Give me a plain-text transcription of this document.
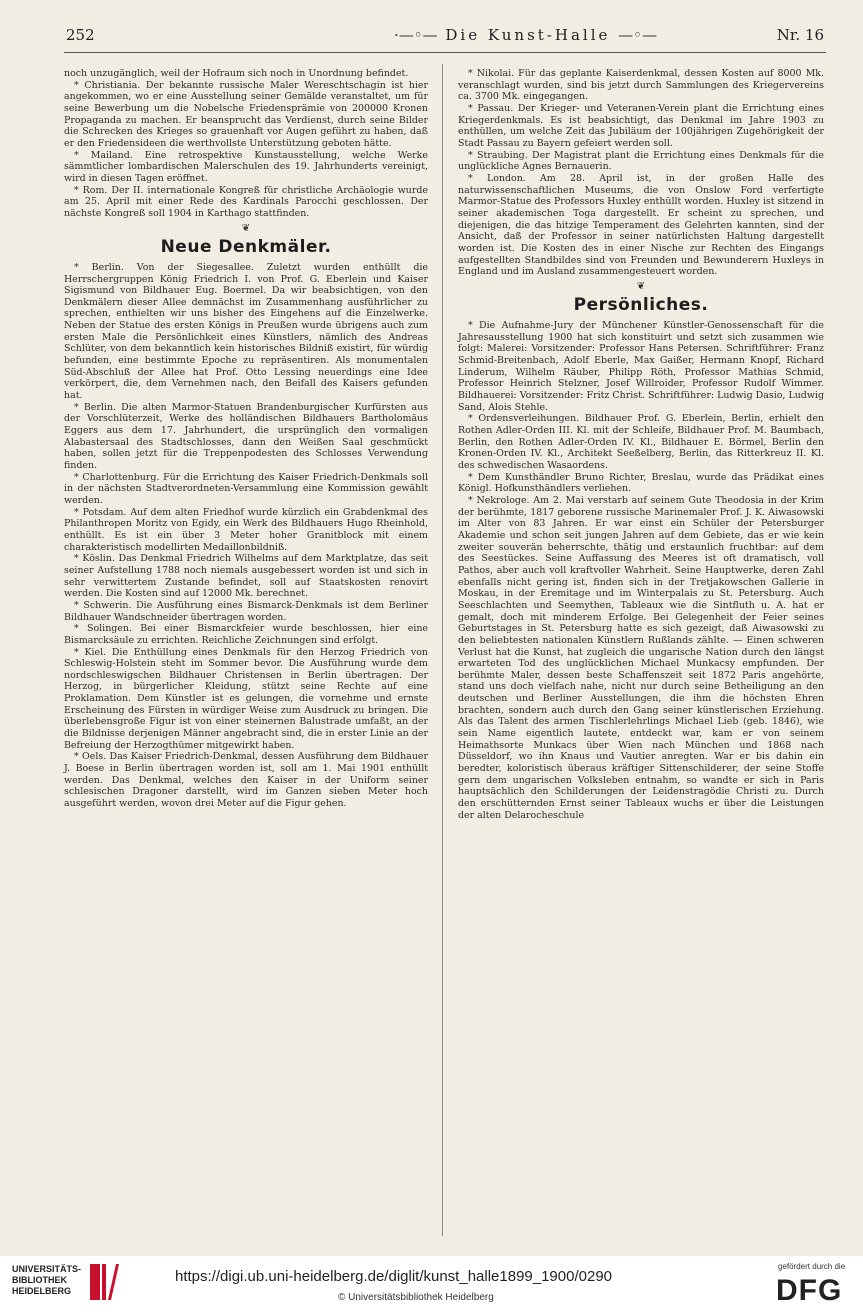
252	·—◦— Die Kunst-Halle —◦—	Nr. 16

noch unzugänglich, weil der Hofraum sich noch in Unordnung befindet.

* Christiania. Der bekannte russische Maler Wereschtschagin ist hier angekommen, wo er eine Ausstellung seiner Gemälde veranstaltet, um für seine Bewerbung um die Nobelsche Friedensprämie von 200000 Kronen Propaganda zu machen. Er beansprucht das Verdienst, durch seine Bilder die Schrecken des Krieges so grauenhaft vor Augen geführt zu haben, daß er den Friedensideen die werthvollste Unterstützung geboten hätte.

* Mailand. Eine retrospektive Kunstausstellung, welche Werke sämmtlicher lombardischen Malerschulen des 19. Jahrhunderts vereinigt, wird in diesen Tagen eröffnet.

* Rom. Der II. internationale Kongreß für christliche Archäologie wurde am 25. April mit einer Rede des Kardinals Parocchi geschlossen. Der nächste Kongreß soll 1904 in Karthago stattfinden.

❦
Neue Denkmäler.

* Berlin. Von der Siegesallee. Zuletzt wurden enthüllt die Herrschergruppen König Friedrich I. von Prof. G. Eberlein und Kaiser Sigismund von Bildhauer Eug. Boermel. Da wir beabsichtigen, von den Denkmälern dieser Allee demnächst im Zusammenhang ausführlicher zu sprechen, enthielten wir uns bisher des Eingehens auf die Einzelwerke. Neben der Statue des ersten Königs in Preußen wurde übrigens auch zum ersten Male die Persönlichkeit eines Künstlers, nämlich des Andreas Schlüter, von dem bekanntlich kein historisches Bildniß existirt, für würdig befunden, eine bestimmte Epoche zu repräsentiren. Als monumentalen Süd-Abschluß der Allee hat Prof. Otto Lessing neuerdings eine Idee verkörpert, die, dem Vernehmen nach, den Beifall des Kaisers gefunden hat.

* Berlin. Die alten Marmor-Statuen Brandenburgischer Kurfürsten aus der Vorschlüterzeit, Werke des holländischen Bildhauers Bartholomäus Eggers aus dem 17. Jahrhundert, die ursprünglich den vormaligen Alabastersaal des Stadtschlosses, dann den Weißen Saal geschmückt haben, sollen jetzt für die Treppenpodesten des Schlosses Verwendung finden.

* Charlottenburg. Für die Errichtung des Kaiser Friedrich-Denkmals soll in der nächsten Stadtverordneten-Versammlung eine Kommission gewählt werden.

* Potsdam. Auf dem alten Friedhof wurde kürzlich ein Grabdenkmal des Philanthropen Moritz von Egidy, ein Werk des Bildhauers Hugo Rheinhold, enthüllt. Es ist ein über 3 Meter hoher Granitblock mit einem charakteristisch modellirten Medaillonbildniß.

* Köslin. Das Denkmal Friedrich Wilhelms auf dem Marktplatze, das seit seiner Aufstellung 1788 noch niemals ausgebessert worden ist und sich in sehr verwittertem Zustande befindet, soll auf Staatskosten renovirt werden. Die Kosten sind auf 12000 Mk. berechnet.

* Schwerin. Die Ausführung eines Bismarck-Denkmals ist dem Berliner Bildhauer Wandschneider übertragen worden.

* Solingen. Bei einer Bismarckfeier wurde beschlossen, hier eine Bismarcksäule zu errichten. Reichliche Zeichnungen sind erfolgt.

* Kiel. Die Enthüllung eines Denkmals für den Herzog Friedrich von Schleswig-Holstein steht im Sommer bevor. Die Ausführung wurde dem nordschleswigschen Bildhauer Christensen in Berlin übertragen. Der Herzog, in bürgerlicher Kleidung, stützt seine Rechte auf eine Proklamation. Dem Künstler ist es gelungen, die vornehme und ernste Erscheinung des Fürsten in würdiger Weise zum Ausdruck zu bringen. Die überlebensgroße Figur ist von einer steinernen Balustrade umfaßt, an der die Bildnisse derjenigen Männer angebracht sind, die in erster Linie an der Befreiung der Herzogthümer mitgewirkt haben.

* Oels. Das Kaiser Friedrich-Denkmal, dessen Ausführung dem Bildhauer J. Boese in Berlin übertragen worden ist, soll am 1. Mai 1901 enthüllt werden. Das Denkmal, welches den Kaiser in der Uniform seiner schlesischen Dragoner darstellt, wird im Ganzen sieben Meter hoch ausgeführt werden, wovon drei Meter auf die Figur gehen.

* Nikolai. Für das geplante Kaiserdenkmal, dessen Kosten auf 8000 Mk. veranschlagt wurden, sind bis jetzt durch Sammlungen des Kriegervereins ca. 3700 Mk. eingegangen.

* Passau. Der Krieger- und Veteranen-Verein plant die Errichtung eines Kriegerdenkmals. Es ist beabsichtigt, das Denkmal im Jahre 1903 zu enthüllen, um welche Zeit das Jubiläum der 100jährigen Zugehörigkeit der Stadt Passau zu Bayern gefeiert werden soll.

* Straubing. Der Magistrat plant die Errichtung eines Denkmals für die unglückliche Agnes Bernauerin.

* London. Am 28. April ist, in der großen Halle des naturwissenschaftlichen Museums, die von Onslow Ford verfertigte Marmor-Statue des Professors Huxley enthüllt worden. Huxley ist sitzend in seiner akademischen Toga dargestellt. Er scheint zu sprechen, und diejenigen, die das hitzige Temperament des Gelehrten kannten, sind der Ansicht, daß der Professor in seiner natürlichsten Haltung dargestellt worden ist. Die Kosten des in einer Nische zur Rechten des Eingangs aufgestellten Standbildes sind von Freunden und Bewunderern Huxleys in England und im Ausland zusammengesteuert worden.

❦
Persönliches.

* Die Aufnahme-Jury der Münchener Künstler-Genossenschaft für die Jahresausstellung 1900 hat sich konstituirt und setzt sich zusammen wie folgt: Malerei: Vorsitzender: Professor Hans Petersen. Schriftführer: Franz Schmid-Breitenbach, Adolf Eberle, Max Gaißer, Hermann Knopf, Richard Linderum, Wilhelm Räuber, Philipp Röth, Professor Mathias Schmid, Professor Heinrich Stelzner, Josef Willroider, Professor Rudolf Wimmer. Bildhauerei: Vorsitzender: Fritz Christ. Schriftführer: Ludwig Dasio, Ludwig Sand, Alois Stehle.

* Ordensverleihungen. Bildhauer Prof. G. Eberlein, Berlin, erhielt den Rothen Adler-Orden III. Kl. mit der Schleife, Bildhauer Prof. M. Baumbach, Berlin, den Rothen Adler-Orden IV. Kl., Bildhauer E. Börmel, Berlin den Kronen-Orden IV. Kl., Architekt Seeßelberg, Berlin, das Ritterkreuz II. Kl. des schwedischen Wasaordens.

* Dem Kunsthändler Bruno Richter, Breslau, wurde das Prädikat eines Königl. Hofkunsthändlers verliehen.

* Nekrologe. Am 2. Mai verstarb auf seinem Gute Theodosia in der Krim der berühmte, 1817 geborene russische Marinemaler Prof. J. K. Aiwasowski im Alter von 83 Jahren. Er war einst ein Schüler der Petersburger Akademie und schon seit jungen Jahren auf dem Gebiete, das er wie kein zweiter souverän beherrschte, thätig und erstaunlich fruchtbar: auf dem des Seestückes. Seine Auffassung des Meeres ist oft dramatisch, voll Pathos, aber auch voll kraftvoller Wahrheit. Seine Hauptwerke, deren Zahl ebenfalls nicht gering ist, finden sich in der Tretjakowschen Gallerie in Moskau, in der Eremitage und im Winterpalais zu St. Petersburg. Auch Seeschlachten und Seemythen, Tableaux wie die Sintfluth u. A. hat er gemalt, doch mit minderem Erfolge. Bei Gelegenheit der Feier seines Geburtstages in St. Petersburg hatte es sich gezeigt, daß Aiwasowski zu den beliebtesten nationalen Künstlern Rußlands zählte. — Einen schweren Verlust hat die Kunst, hat zugleich die ungarische Nation durch den längst erwarteten Tod des unglücklichen Michael Munkacsy empfunden. Der berühmte Maler, dessen beste Schaffenszeit seit 1872 Paris angehörte, stand uns doch vielfach nahe, nicht nur durch seine Betheiligung an den deutschen und Berliner Ausstellungen, die ihm die höchsten Ehren brachten, sondern auch durch den Gang seiner künstlerischen Erziehung. Als das Talent des armen Tischlerlehrlings Michael Lieb (geb. 1846), wie sein Name eigentlich lautete, entdeckt war, kam er von seinem Heimathsorte Munkacs über Wien nach München und 1868 nach Düsseldorf, wo ihn Knaus und Vautier anregten. War er bis dahin ein beredter, koloristisch überaus kräftiger Sittenschilderer, der seine Stoffe gern dem ungarischen Volksleben entnahm, so wandte er sich in Paris hauptsächlich den Schilderungen der Leidenstragödie Christi zu. Durch den erschütternden Ernst seiner Tableaux wuchs er über die Leistungen der alten Delarocheschule

UNIVERSITÄTS-
BIBLIOTHEK
HEIDELBERG
https://digi.ub.uni-heidelberg.de/diglit/kunst_halle1899_1900/0290
© Universitätsbibliothek Heidelberg
gefördert durch die
DFG
